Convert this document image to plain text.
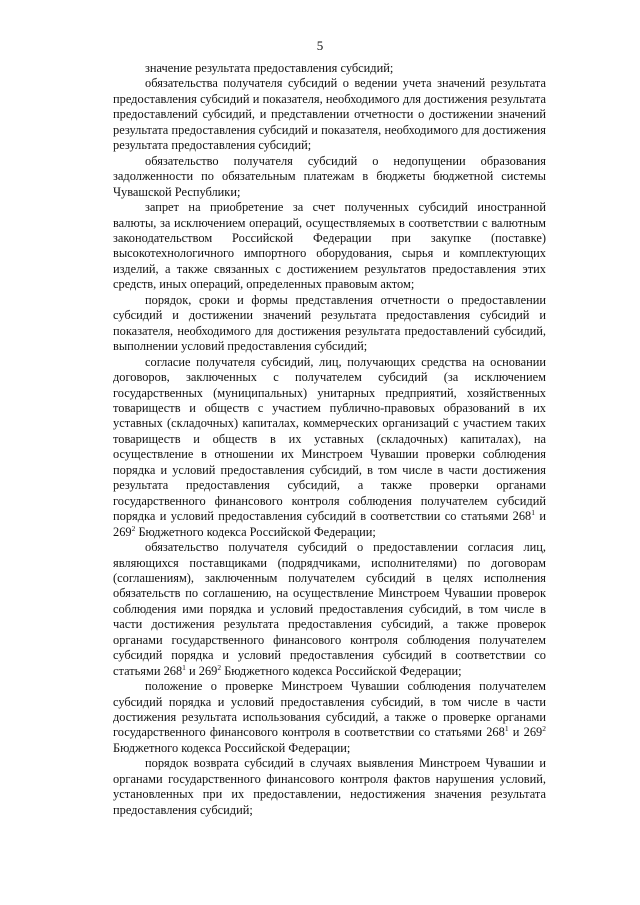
5

значение результата предоставления субсидий;

обязательства получателя субсидий о ведении учета значений результата предоставления субсидий и показателя, необходимого для достижения результата предоставлений субсидий, и представлении отчетности о достижении значений результата предоставления субсидий и показателя, необходимого для достижения результата предоставления субсидий;

обязательство получателя субсидий о недопущении образования задолженности по обязательным платежам в бюджеты бюджетной системы Чувашской Республики;

запрет на приобретение за счет полученных субсидий иностранной валюты, за исключением операций, осуществляемых в соответствии с валютным законодательством Российской Федерации при закупке (поставке) высокотехнологичного импортного оборудования, сырья и комплектующих изделий, а также связанных с достижением результатов предоставления этих средств, иных операций, определенных правовым актом;

порядок, сроки и формы представления отчетности о предоставлении субсидий и достижении значений результата предоставления субсидий и показателя, необходимого для достижения результата предоставлений субсидий, выполнении условий предоставления субсидий;

согласие получателя субсидий, лиц, получающих средства на основании договоров, заключенных с получателем субсидий (за исключением государственных (муниципальных) унитарных предприятий, хозяйственных товариществ и обществ с участием публично-правовых образований в их уставных (складочных) капиталах, коммерческих организаций с участием таких товариществ и обществ в их уставных (складочных) капиталах), на осуществление в отношении их Минстроем Чувашии проверки соблюдения порядка и условий предоставления субсидий, в том числе в части достижения результата предоставления субсидий, а также проверки органами государственного финансового контроля соблюдения получателем субсидий порядка и условий предоставления субсидий в соответствии со статьями $268^1$ и $269^2$ Бюджетного кодекса Российской Федерации;

обязательство получателя субсидий о предоставлении согласия лиц, являющихся поставщиками (подрядчиками, исполнителями) по договорам (соглашениям), заключенным получателем субсидий в целях исполнения обязательств по соглашению, на осуществление Минстроем Чувашии проверок соблюдения ими порядка и условий предоставления субсидий, в том числе в части достижения результата предоставления субсидий, а также проверок органами государственного финансового контроля соблюдения получателем субсидий порядка и условий предоставления субсидий в соответствии со статьями $268^1$ и $269^2$ Бюджетного кодекса Российской Федерации;

положение о проверке Минстроем Чувашии соблюдения получателем субсидий порядка и условий предоставления субсидий, в том числе в части достижения результата использования субсидий, а также о проверке органами государственного финансового контроля в соответствии со статьями $268^1$ и $269^2$ Бюджетного кодекса Российской Федерации;

порядок возврата субсидий в случаях выявления Минстроем Чувашии и органами государственного финансового контроля фактов нарушения условий, установленных при их предоставлении, недостижения значения результата предоставления субсидий;
